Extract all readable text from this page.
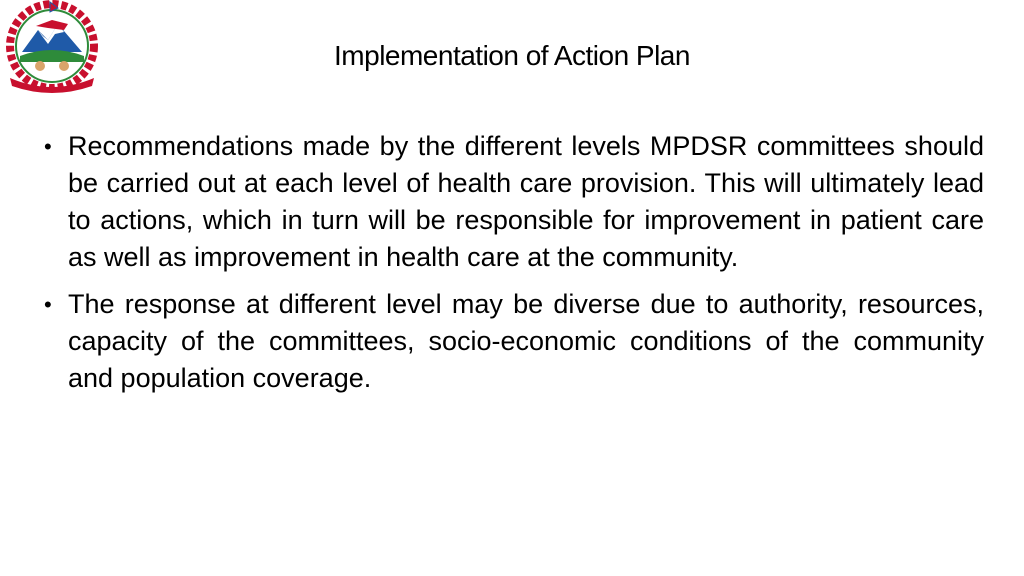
Implementation of Action Plan
• Recommendations made by the different levels MPDSR committees should be carried out at each level of health care provision. This will ultimately lead to actions, which in turn will be responsible for improvement in patient care as well as improvement in health care at the community.
• The response at different level may be diverse due to authority, resources, capacity of the committees, socio-economic conditions of the community and population coverage.
